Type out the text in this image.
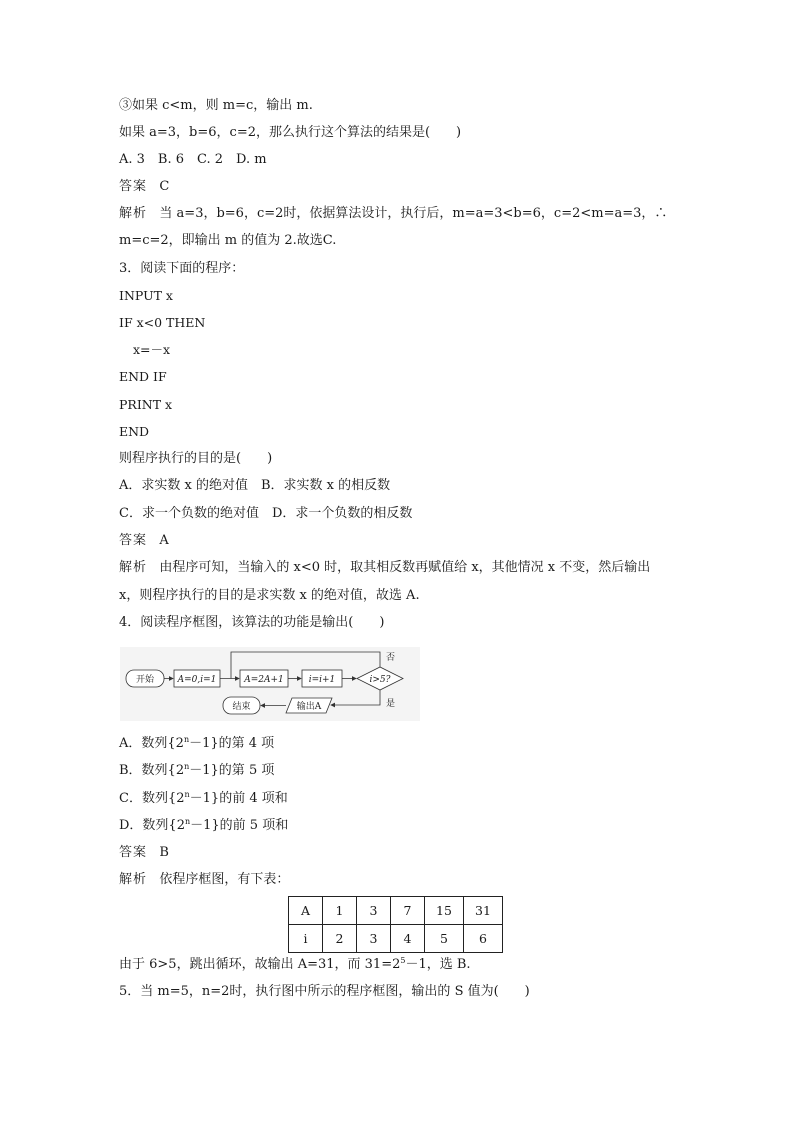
③如果 c<m，则 m=c，输出 m.
如果 a=3，b=6，c=2，那么执行这个算法的结果是(　　)
A. 3　B. 6　C. 2　D. m
答案 C
解析 当 a=3，b=6，c=2时，依据算法设计，执行后，m=a=3<b=6，c=2<m=a=3，∴
m=c=2，即输出 m 的值为 2.故选C.
3．阅读下面的程序：
INPUT x
IF x<0 THEN
x=－x
END IF
PRINT x
END
则程序执行的目的是(　　)
A．求实数 x 的绝对值　B．求实数 x 的相反数
C．求一个负数的绝对值　D．求一个负数的相反数
答案 A
解析 由程序可知，当输入的 x<0 时，取其相反数再赋值给 x，其他情况 x 不变，然后输出
x，则程序执行的目的是求实数 x 的绝对值，故选 A.
4．阅读程序框图，该算法的功能是输出(　　)
开始	A=0,i=1	A=2A+1	i=i+1	i>5?
否
是
输出A
结束
A．数列$\{2^n-1\}$的第 4 项
B．数列$\{2^n-1\}$的第 5 项
C．数列$\{2^n-1\}$的前 4 项和
D．数列$\{2^n-1\}$的前 5 项和
答案 B
解析 依程序框图，有下表：
A	1	3	7	15	31
i	2	3	4	5	6
由于 6>5，跳出循环，故输出 A=31，而 $31=2^5-1$，选 B.
5．当 m=5，n=2时，执行图中所示的程序框图，输出的 S 值为(　　)
